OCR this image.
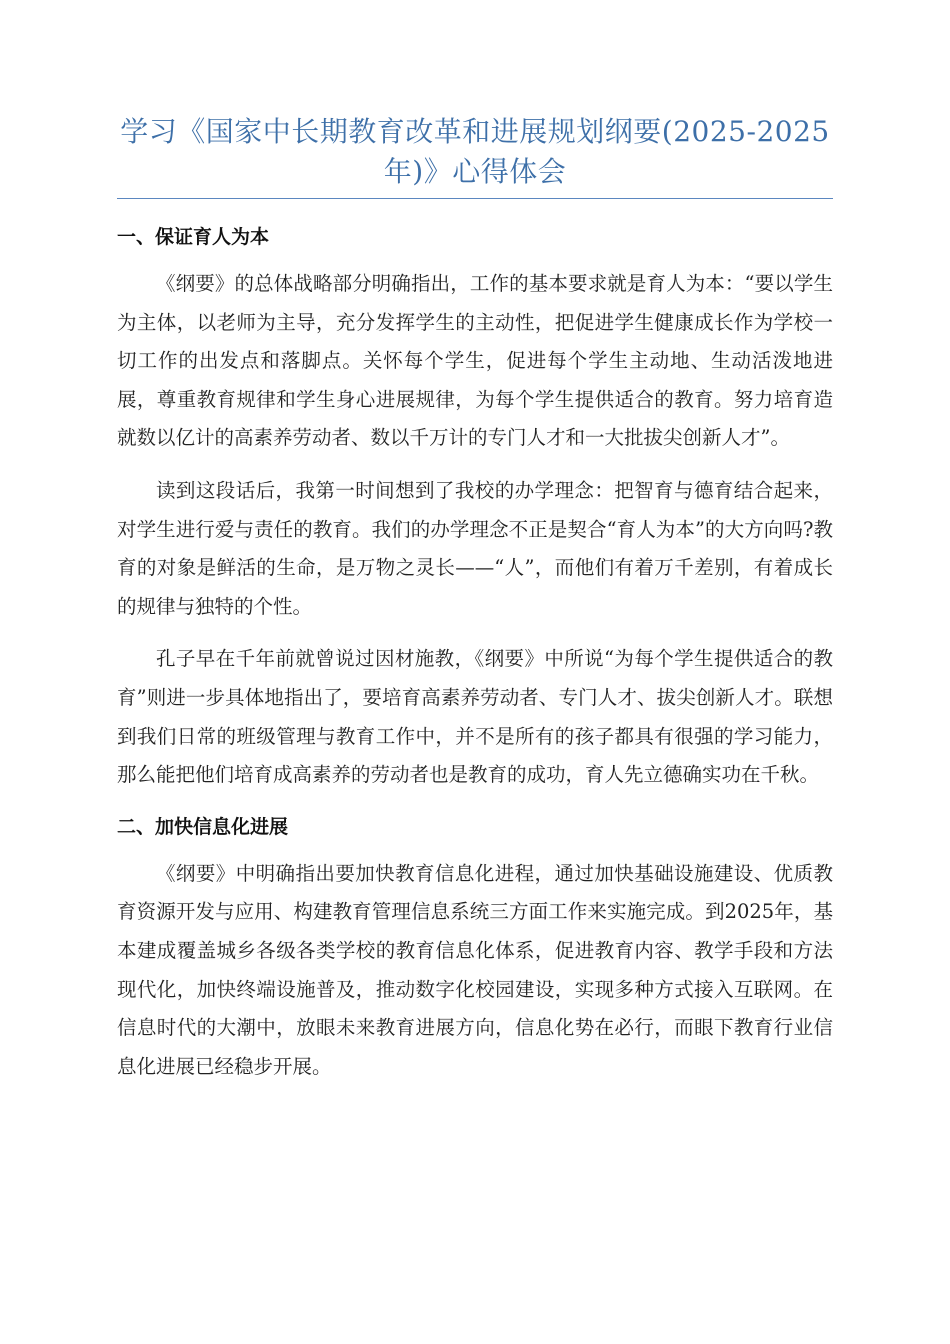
学习《国家中长期教育改革和进展规划纲要(2025-2025年)》心得体会
一、保证育人为本

《纲要》的总体战略部分明确指出，工作的基本要求就是育人为本：“要以学生为主体，以老师为主导，充分发挥学生的主动性，把促进学生健康成长作为学校一切工作的出发点和落脚点。关怀每个学生，促进每个学生主动地、生动活泼地进展，尊重教育规律和学生身心进展规律，为每个学生提供适合的教育。努力培育造就数以亿计的高素养劳动者、数以千万计的专门人才和一大批拔尖创新人才”。

读到这段话后，我第一时间想到了我校的办学理念：把智育与德育结合起来，对学生进行爱与责任的教育。我们的办学理念不正是契合“育人为本”的大方向吗?教育的对象是鲜活的生命，是万物之灵长——“人”，而他们有着万千差别，有着成长的规律与独特的个性。

孔子早在千年前就曾说过因材施教，《纲要》中所说“为每个学生提供适合的教育”则进一步具体地指出了，要培育高素养劳动者、专门人才、拔尖创新人才。联想到我们日常的班级管理与教育工作中，并不是所有的孩子都具有很强的学习能力，那么能把他们培育成高素养的劳动者也是教育的成功，育人先立德确实功在千秋。

二、加快信息化进展

《纲要》中明确指出要加快教育信息化进程，通过加快基础设施建设、优质教育资源开发与应用、构建教育管理信息系统三方面工作来实施完成。到2025年，基本建成覆盖城乡各级各类学校的教育信息化体系，促进教育内容、教学手段和方法现代化，加快终端设施普及，推动数字化校园建设，实现多种方式接入互联网。在信息时代的大潮中，放眼未来教育进展方向，信息化势在必行，而眼下教育行业信息化进展已经稳步开展。
